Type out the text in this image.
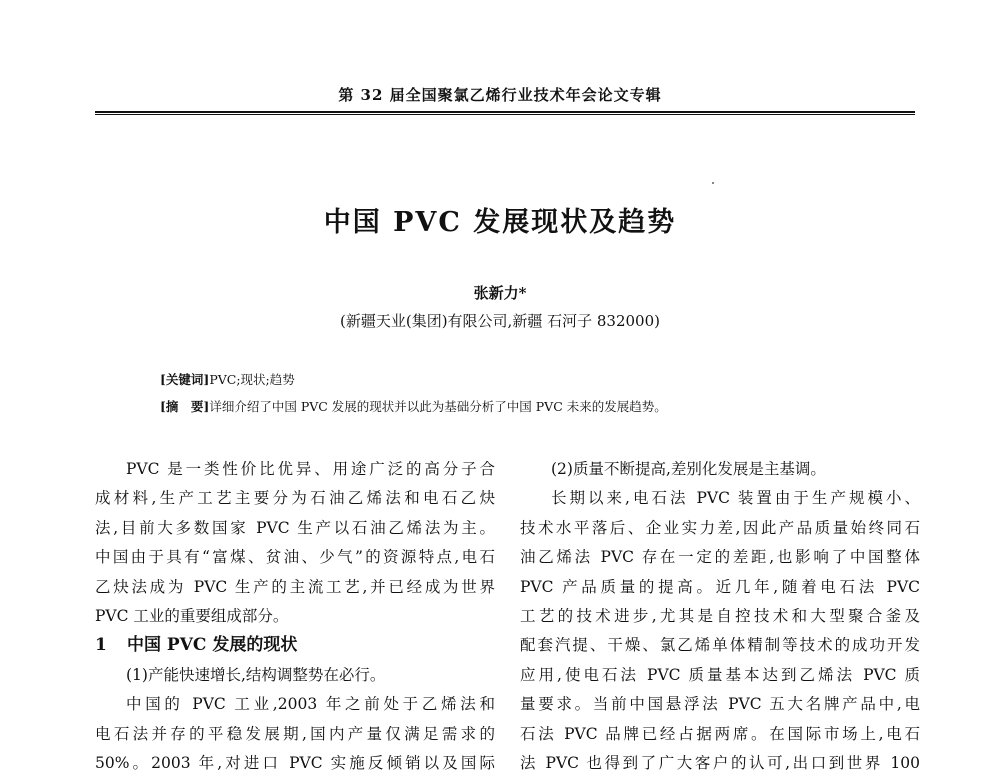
第 32 届全国聚氯乙烯行业技术年会论文专辑
中国 PVC 发展现状及趋势
张新力*
(新疆天业(集团)有限公司,新疆 石河子 832000)
[关键词]PVC;现状;趋势
[摘　要]详细介绍了中国 PVC 发展的现状并以此为基础分析了中国 PVC 未来的发展趋势。

PVC 是一类性价比优异、用途广泛的高分子合

成材料,生产工艺主要分为石油乙烯法和电石乙炔

法,目前大多数国家 PVC 生产以石油乙烯法为主。

中国由于具有“富煤、贫油、少气”的资源特点,电石

乙炔法成为 PVC 生产的主流工艺,并已经成为世界

PVC 工业的重要组成部分。

1 中国 PVC 发展的现状

(1)产能快速增长,结构调整势在必行。

中国的 PVC 工业,2003 年之前处于乙烯法和

电石法并存的平稳发展期,国内产量仅满足需求的

50%。2003 年,对进口 PVC 实施反倾销以及国际

(2)质量不断提高,差别化发展是主基调。

长期以来,电石法 PVC 装置由于生产规模小、

技术水平落后、企业实力差,因此产品质量始终同石

油乙烯法 PVC 存在一定的差距,也影响了中国整体

PVC 产品质量的提高。近几年,随着电石法 PVC

工艺的技术进步,尤其是自控技术和大型聚合釜及

配套汽提、干燥、氯乙烯单体精制等技术的成功开发

应用,使电石法 PVC 质量基本达到乙烯法 PVC 质

量要求。当前中国悬浮法 PVC 五大名牌产品中,电

石法 PVC 品牌已经占据两席。在国际市场上,电石

法 PVC 也得到了广大客户的认可,出口到世界 100
